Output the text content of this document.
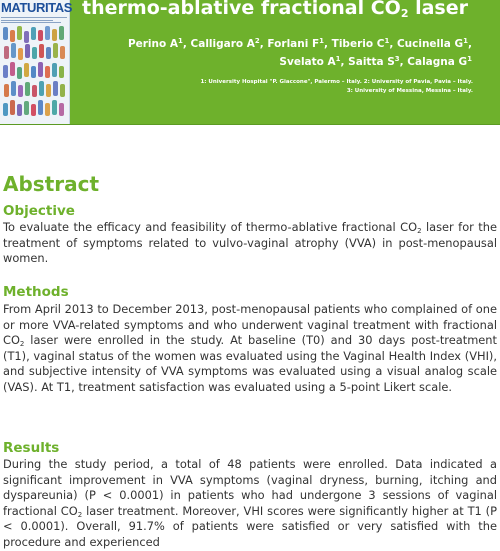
MATURITAS thermo-ablative fractional $CO_2$ laser
Perino $A^1$, Calligaro $A^2$, Forlani $F^1$, Tiberio $C^1$, Cucinella $G^1$,
Svelato $A^1$, Saitta $S^3$, Calagna $G^1$
1: University Hospital "P. Giaccone", Palermo – Italy. 2: University of Pavia, Pavia – Italy.
3: University of Messina, Messina – Italy.
Abstract
Objective
To evaluate the efficacy and feasibility of thermo-ablative fractional $CO_2$ laser for the treatment of symptoms related to vulvo-vaginal atrophy (VVA) in post-menopausal women.
Methods
From April 2013 to December 2013, post-menopausal patients who complained of one or more VVA-related symptoms and who underwent vaginal treatment with fractional $CO_2$ laser were enrolled in the study. At baseline (T0) and 30 days post-treatment (T1), vaginal status of the women was evaluated using the Vaginal Health Index (VHI), and subjective intensity of VVA symptoms was evaluated using a visual analog scale (VAS). At T1, treatment satisfaction was evaluated using a 5-point Likert scale.
Results
During the study period, a total of 48 patients were enrolled. Data indicated a significant improvement in VVA symptoms (vaginal dryness, burning, itching and dyspareunia) (P < 0.0001) in patients who had undergone 3 sessions of vaginal fractional $CO_2$ laser treatment. Moreover, VHI scores were significantly higher at T1 (P < 0.0001). Overall, 91.7% of patients were satisfied or very satisfied with the procedure and experienced
